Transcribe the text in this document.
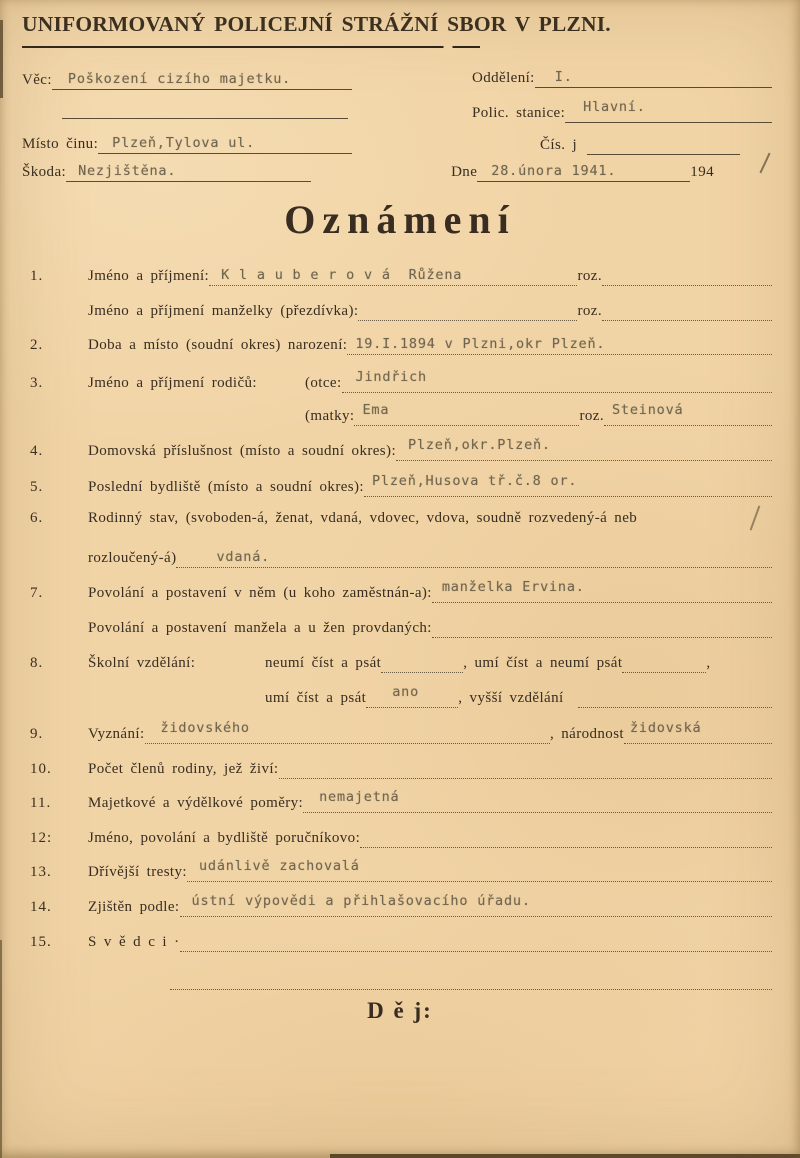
UNIFORMOVANÝ POLICEJNÍ STRÁŽNÍ SBOR V PLZNI.
Věc: Poškození cizího majetku.
Místo činu: Plzeň,Tylova ul.
Oddělení: I.
Polic. stanice: Hlavní.
Čís. j
Škoda: Nezjištěna.	Dne 28.února 1941.	194
Oznámení
1.	Jméno a příjmení: K l a u b e r o v á  Růžena	roz.
Jméno a příjmení manželky (přezdívka):	roz.
2.	Doba a místo (soudní okres) narození: 19.I.1894 v Plzni,okr Plzeň.
3.	Jméno a příjmení rodičů:	(otce: Jindřich
(matky: Ema	roz. Steinová
4.	Domovská příslušnost (místo a soudní okres): Plzeň,okr.Plzeň.
5.	Poslední bydliště (místo a soudní okres): Plzeň,Husova tř.č.8 or.
6.	Rodinný stav, (svoboden-á, ženat, vdaná, vdovec, vdova, soudně rozvedený-á neb
rozloučený-á)	vdaná.
7.	Povolání a postavení v něm (u koho zaměstnán-a): manželka Ervina.
Povolání a postavení manžela a u žen provdaných:
8.	Školní vzdělání:	neumí číst a psát	, umí číst a neumí psát	,
umí číst a psát ano	, vyšší vzdělání
9.	Vyznání: židovského	, národnost židovská
10.	Počet členů rodiny, jež živí:
11.	Majetkové a výdělkové poměry: nemajetná
12:	Jméno, povolání a bydliště poručníkovo:
13.	Dřívější tresty: udánlivě zachovalá
14.	Zjištěn podle: ústní výpovědi a přihlašovacího úřadu.
15.	S v ě d c i ·
D ě j:
